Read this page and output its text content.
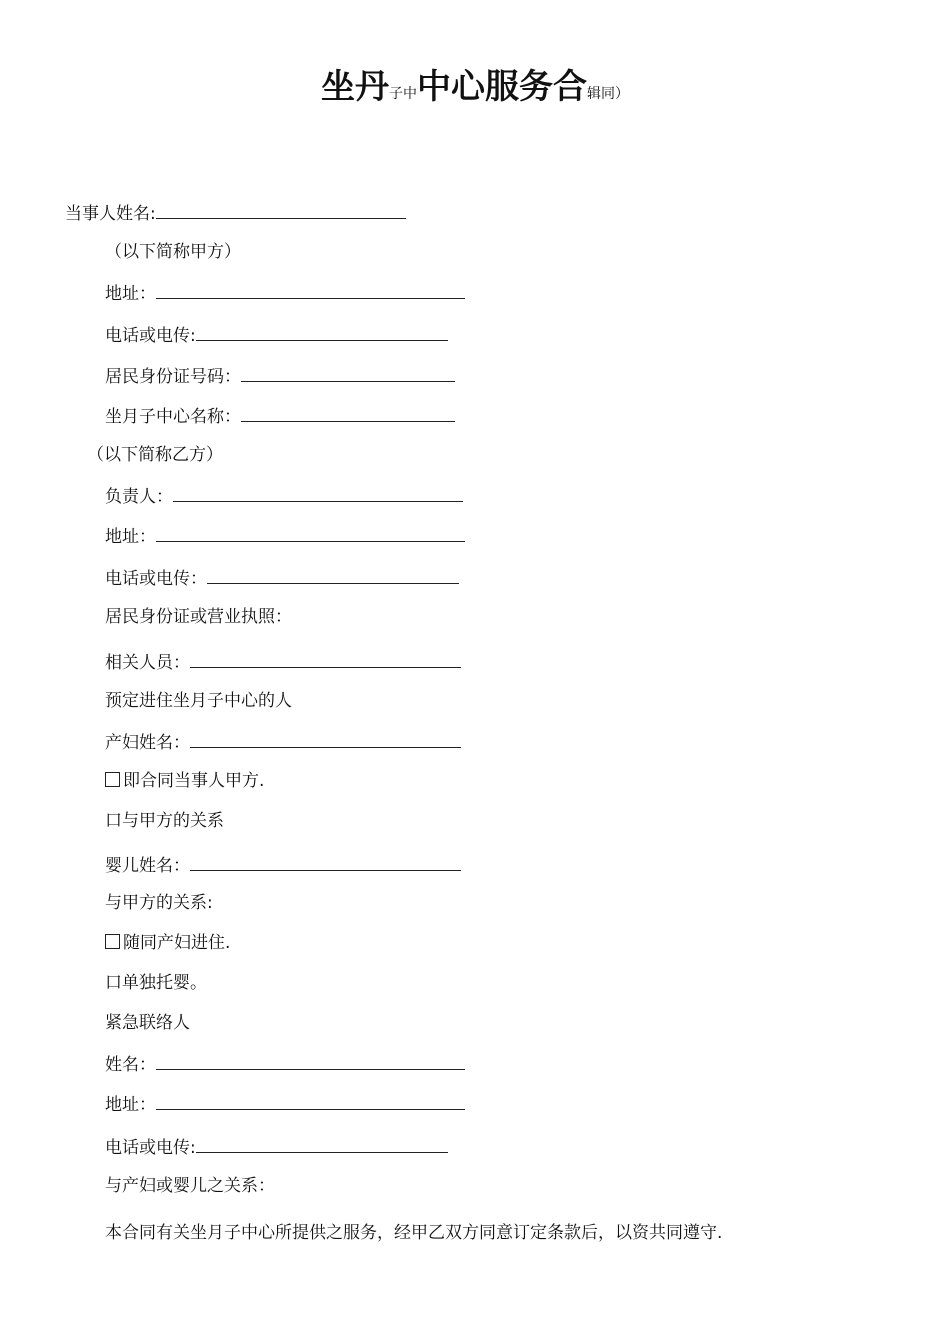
坐丹子中中心服务合辑同）
当事人姓名:
（以下简称甲方）
地址：
电话或电传:
居民身份证号码：
坐月子中心名称：
（以下简称乙方）
负责人：
地址：
电话或电传：
居民身份证或营业执照：
相关人员：
预定进住坐月子中心的人
产妇姓名：
即合同当事人甲方.
口与甲方的关系
婴儿姓名：
与甲方的关系:
随同产妇进住.
口单独托婴。
紧急联络人
姓名：
地址：
电话或电传:
与产妇或婴儿之关系：
本合同有关坐月子中心所提供之服务，经甲乙双方同意订定条款后，以资共同遵守.
